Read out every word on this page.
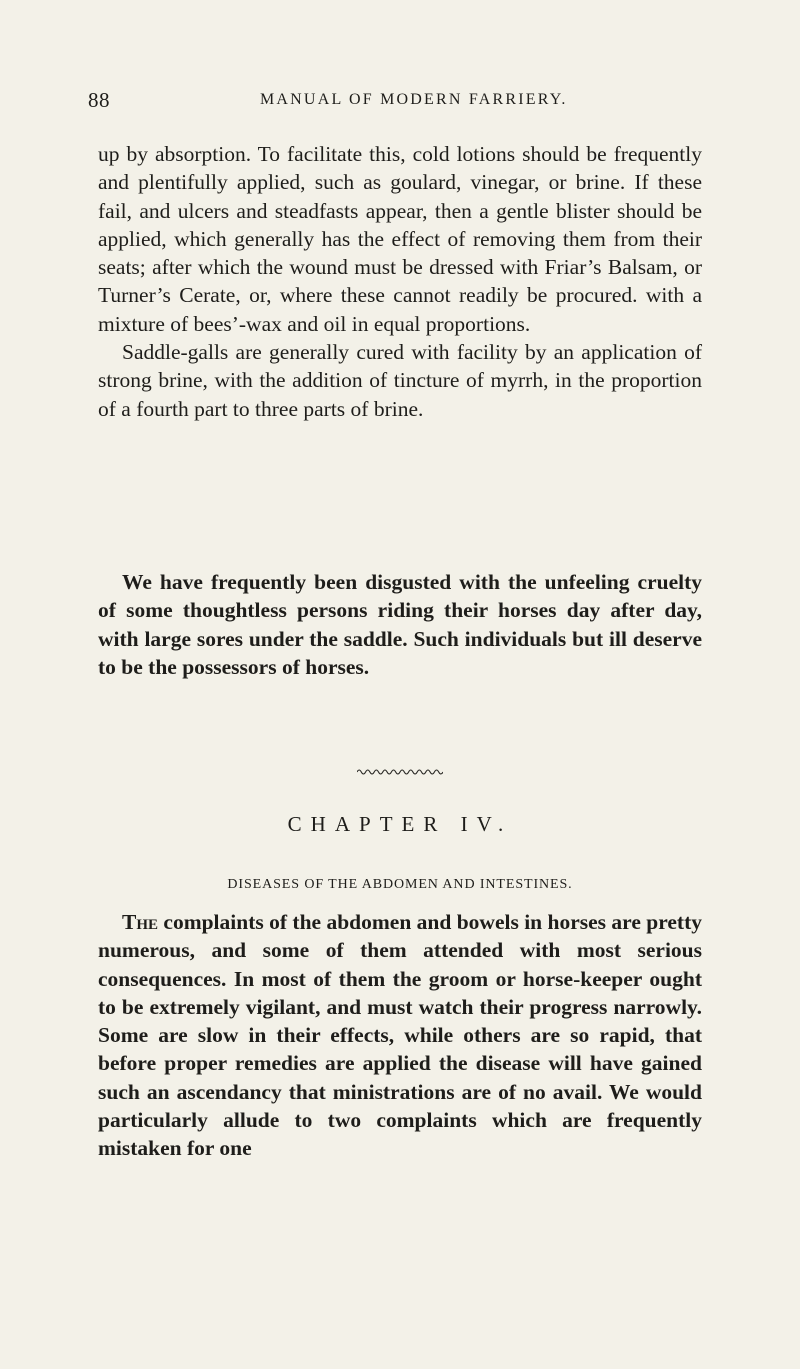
88	MANUAL OF MODERN FARRIERY.

up by absorption. To facilitate this, cold lotions should be frequently and plentifully applied, such as goulard, vinegar, or brine. If these fail, and ulcers and steadfasts appear, then a gentle blister should be applied, which generally has the effect of removing them from their seats; after which the wound must be dressed with Friar’s Balsam, or Turner’s Cerate, or, where these cannot readily be procured. with a mixture of bees’-wax and oil in equal proportions.

Saddle-galls are generally cured with facility by an application of strong brine, with the addition of tincture of myrrh, in the proportion of a fourth part to three parts of brine.

We have frequently been disgusted with the unfeeling cruelty of some thoughtless persons riding their horses day after day, with large sores under the saddle. Such individuals but ill deserve to be the possessors of horses.

CHAPTER IV.
DISEASES OF THE ABDOMEN AND INTESTINES.

The complaints of the abdomen and bowels in horses are pretty numerous, and some of them attended with most serious consequences. In most of them the groom or horse-keeper ought to be extremely vigilant, and must watch their progress narrowly. Some are slow in their effects, while others are so rapid, that before proper remedies are applied the disease will have gained such an ascendancy that ministrations are of no avail. We would particularly allude to two complaints which are frequently mistaken for one
